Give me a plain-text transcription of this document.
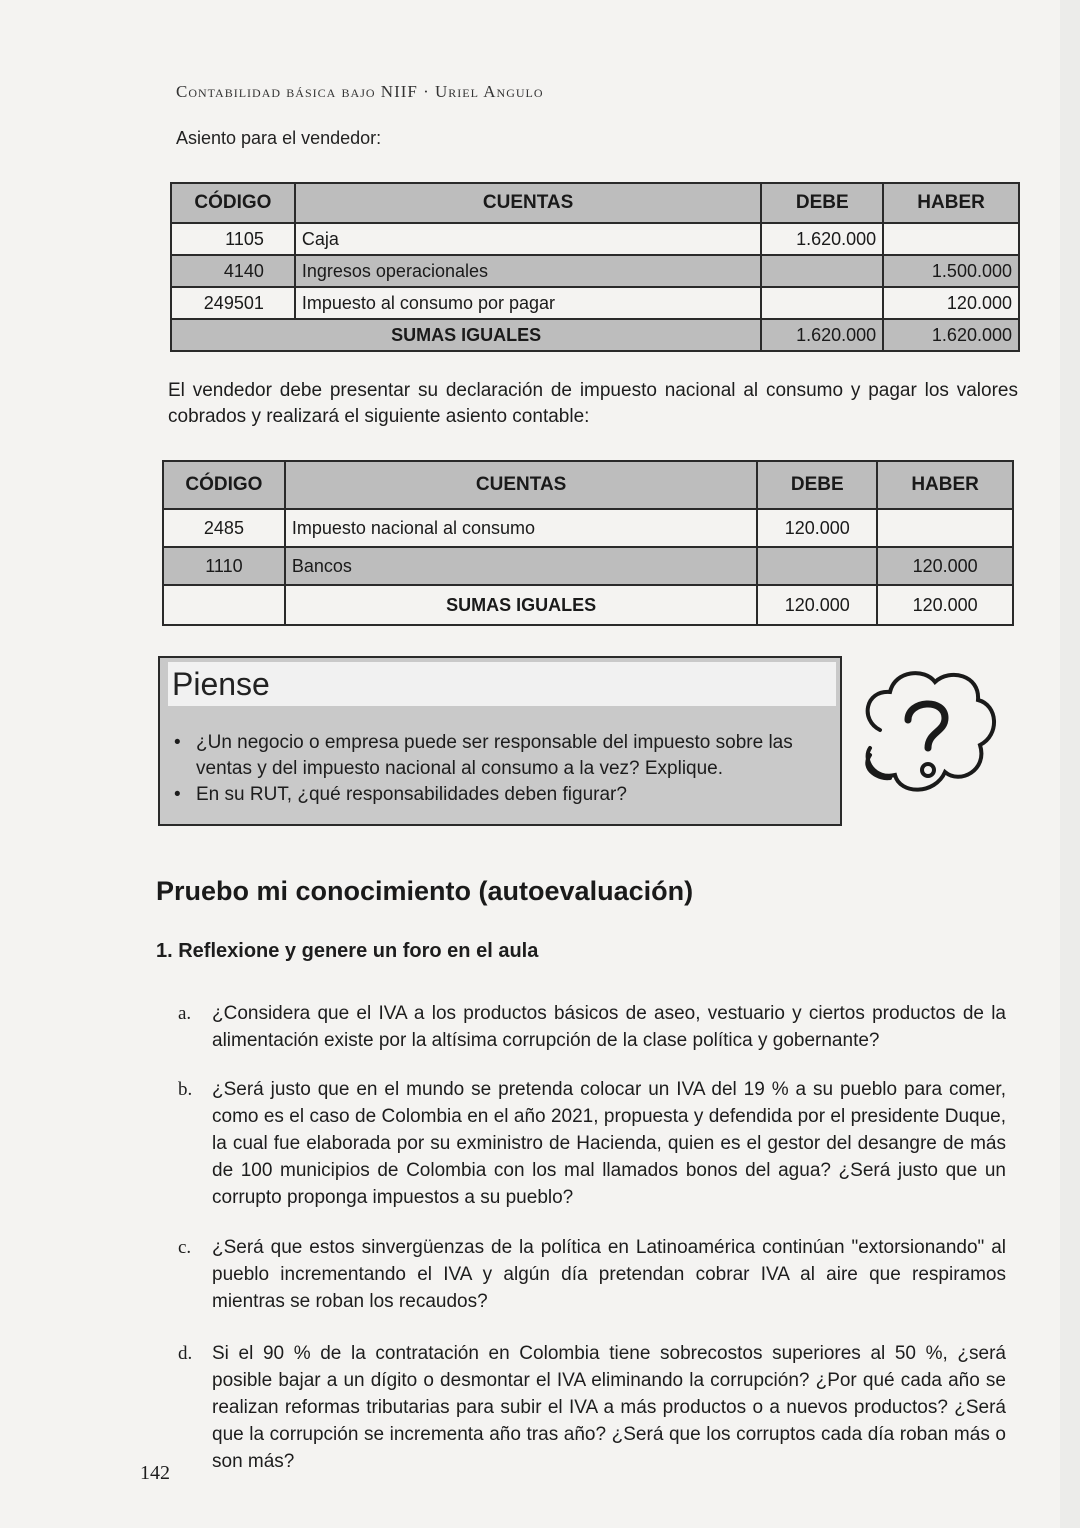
Contabilidad básica bajo NIIF · Uriel Angulo
Asiento para el vendedor:
CÓDIGO	CUENTAS	DEBE	HABER
1105	Caja	1.620.000	
4140	Ingresos operacionales		1.500.000
249501	Impuesto al consumo por pagar		120.000
SUMAS IGUALES		1.620.000	1.620.000
El vendedor debe presentar su declaración de impuesto nacional al consumo y pagar los valores cobrados y realizará el siguiente asiento contable:
CÓDIGO	CUENTAS	DEBE	HABER
2485	Impuesto nacional al consumo	120.000	
1110	Bancos		120.000
	SUMAS IGUALES	120.000	120.000
Piense
• ¿Un negocio o empresa puede ser responsable del impuesto sobre las ventas y del impuesto nacional al consumo a la vez? Explique.
• En su RUT, ¿qué responsabilidades deben figurar?
Pruebo mi conocimiento (autoevaluación)
1. Reflexione y genere un foro en el aula
a. ¿Considera que el IVA a los productos básicos de aseo, vestuario y ciertos productos de la alimentación existe por la altísima corrupción de la clase política y gobernante?
b. ¿Será justo que en el mundo se pretenda colocar un IVA del 19 % a su pueblo para comer, como es el caso de Colombia en el año 2021, propuesta y defendida por el presidente Duque, la cual fue elaborada por su exministro de Hacienda, quien es el gestor del desangre de más de 100 municipios de Colombia con los mal llamados bonos del agua? ¿Será justo que un corrupto proponga impuestos a su pueblo?
c. ¿Será que estos sinvergüenzas de la política en Latinoamérica continúan "extorsionando" al pueblo incrementando el IVA y algún día pretendan cobrar IVA al aire que respiramos mientras se roban los recaudos?
d. Si el 90 % de la contratación en Colombia tiene sobrecostos superiores al 50 %, ¿será posible bajar a un dígito o desmontar el IVA eliminando la corrupción? ¿Por qué cada año se realizan reformas tributarias para subir el IVA a más productos o a nuevos productos? ¿Será que la corrupción se incrementa año tras año? ¿Será que los corruptos cada día roban más o son más?
142
